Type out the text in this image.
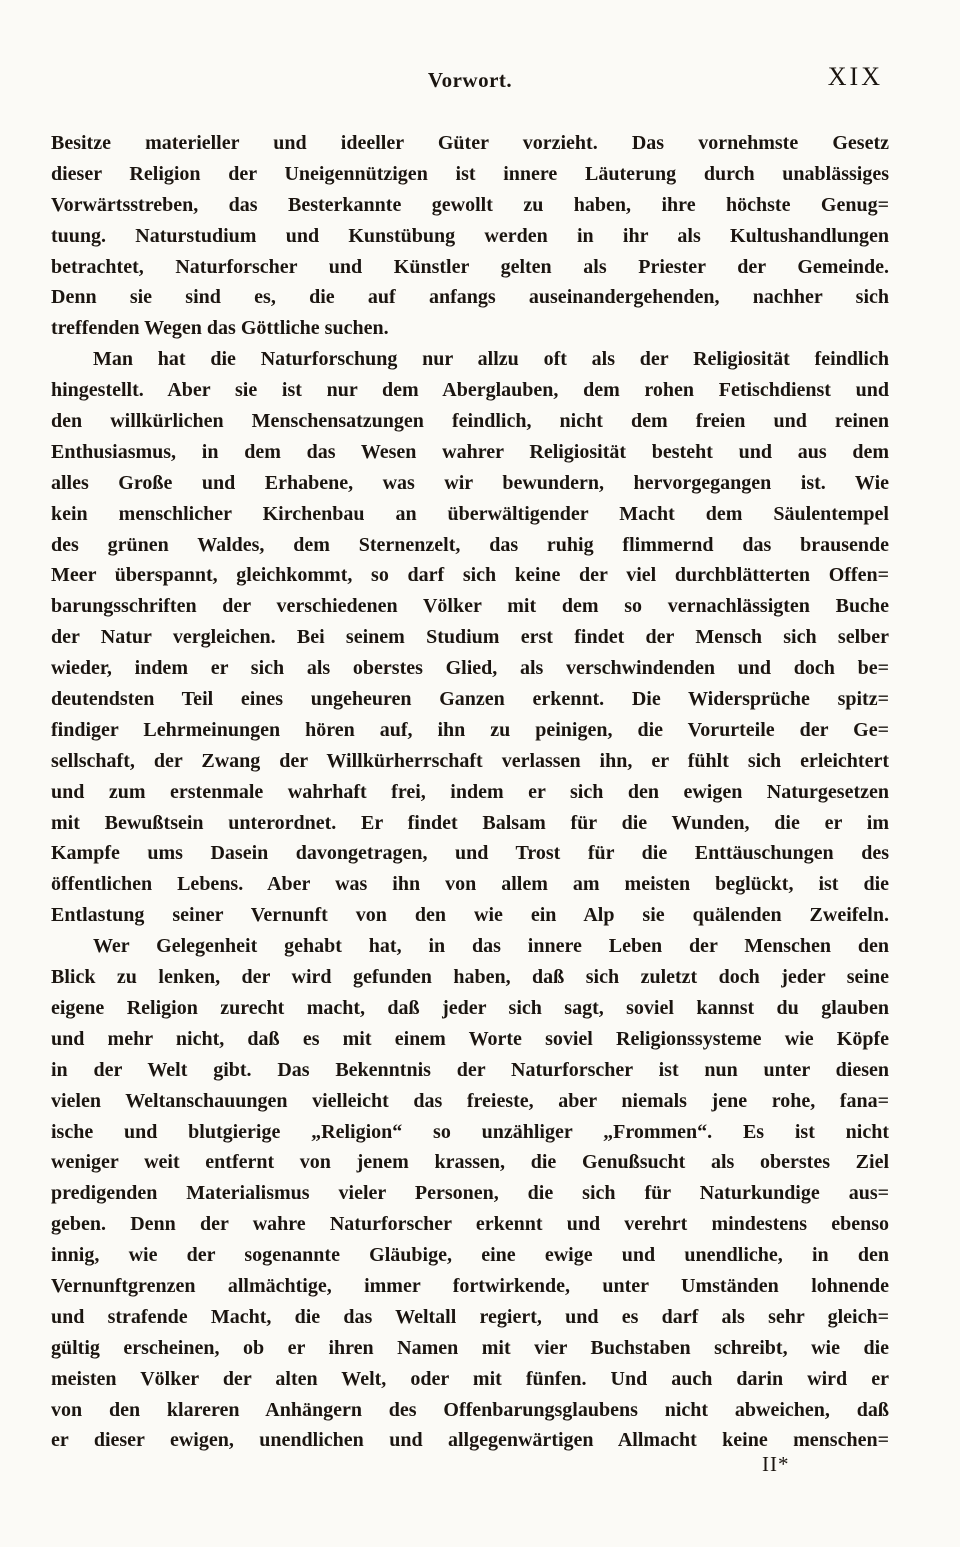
Vorwort.	XIX
Besitze materieller und ideeller Güter vorzieht. Das vornehmste Gesetz
dieser Religion der Uneigennützigen ist innere Läuterung durch unablässiges
Vorwärtsstreben, das Besterkannte gewollt zu haben, ihre höchste Genug=
tuung. Naturstudium und Kunstübung werden in ihr als Kultushandlungen
betrachtet, Naturforscher und Künstler gelten als Priester der Gemeinde.
Denn sie sind es, die auf anfangs auseinandergehenden, nachher sich
treffenden Wegen das Göttliche suchen.
Man hat die Naturforschung nur allzu oft als der Religiosität feindlich
hingestellt. Aber sie ist nur dem Aberglauben, dem rohen Fetischdienst und
den willkürlichen Menschensatzungen feindlich, nicht dem freien und reinen
Enthusiasmus, in dem das Wesen wahrer Religiosität besteht und aus dem
alles Große und Erhabene, was wir bewundern, hervorgegangen ist. Wie
kein menschlicher Kirchenbau an überwältigender Macht dem Säulentempel
des grünen Waldes, dem Sternenzelt, das ruhig flimmernd das brausende
Meer überspannt, gleichkommt, so darf sich keine der viel durchblätterten Offen=
barungsschriften der verschiedenen Völker mit dem so vernachlässigten Buche
der Natur vergleichen. Bei seinem Studium erst findet der Mensch sich selber
wieder, indem er sich als oberstes Glied, als verschwindenden und doch be=
deutendsten Teil eines ungeheuren Ganzen erkennt. Die Widersprüche spitz=
findiger Lehrmeinungen hören auf, ihn zu peinigen, die Vorurteile der Ge=
sellschaft, der Zwang der Willkürherrschaft verlassen ihn, er fühlt sich erleichtert
und zum erstenmale wahrhaft frei, indem er sich den ewigen Naturgesetzen
mit Bewußtsein unterordnet. Er findet Balsam für die Wunden, die er im
Kampfe ums Dasein davongetragen, und Trost für die Enttäuschungen des
öffentlichen Lebens. Aber was ihn von allem am meisten beglückt, ist die
Entlastung seiner Vernunft von den wie ein Alp sie quälenden Zweifeln.
Wer Gelegenheit gehabt hat, in das innere Leben der Menschen den
Blick zu lenken, der wird gefunden haben, daß sich zuletzt doch jeder seine
eigene Religion zurecht macht, daß jeder sich sagt, soviel kannst du glauben
und mehr nicht, daß es mit einem Worte soviel Religionssysteme wie Köpfe
in der Welt gibt. Das Bekenntnis der Naturforscher ist nun unter diesen
vielen Weltanschauungen vielleicht das freieste, aber niemals jene rohe, fana=
ische und blutgierige „Religion“ so unzähliger „Frommen“. Es ist nicht
weniger weit entfernt von jenem krassen, die Genußsucht als oberstes Ziel
predigenden Materialismus vieler Personen, die sich für Naturkundige aus=
geben. Denn der wahre Naturforscher erkennt und verehrt mindestens ebenso
innig, wie der sogenannte Gläubige, eine ewige und unendliche, in den
Vernunftgrenzen allmächtige, immer fortwirkende, unter Umständen lohnende
und strafende Macht, die das Weltall regiert, und es darf als sehr gleich=
gültig erscheinen, ob er ihren Namen mit vier Buchstaben schreibt, wie die
meisten Völker der alten Welt, oder mit fünfen. Und auch darin wird er
von den klareren Anhängern des Offenbarungsglaubens nicht abweichen, daß
er dieser ewigen, unendlichen und allgegenwärtigen Allmacht keine menschen=
II*
